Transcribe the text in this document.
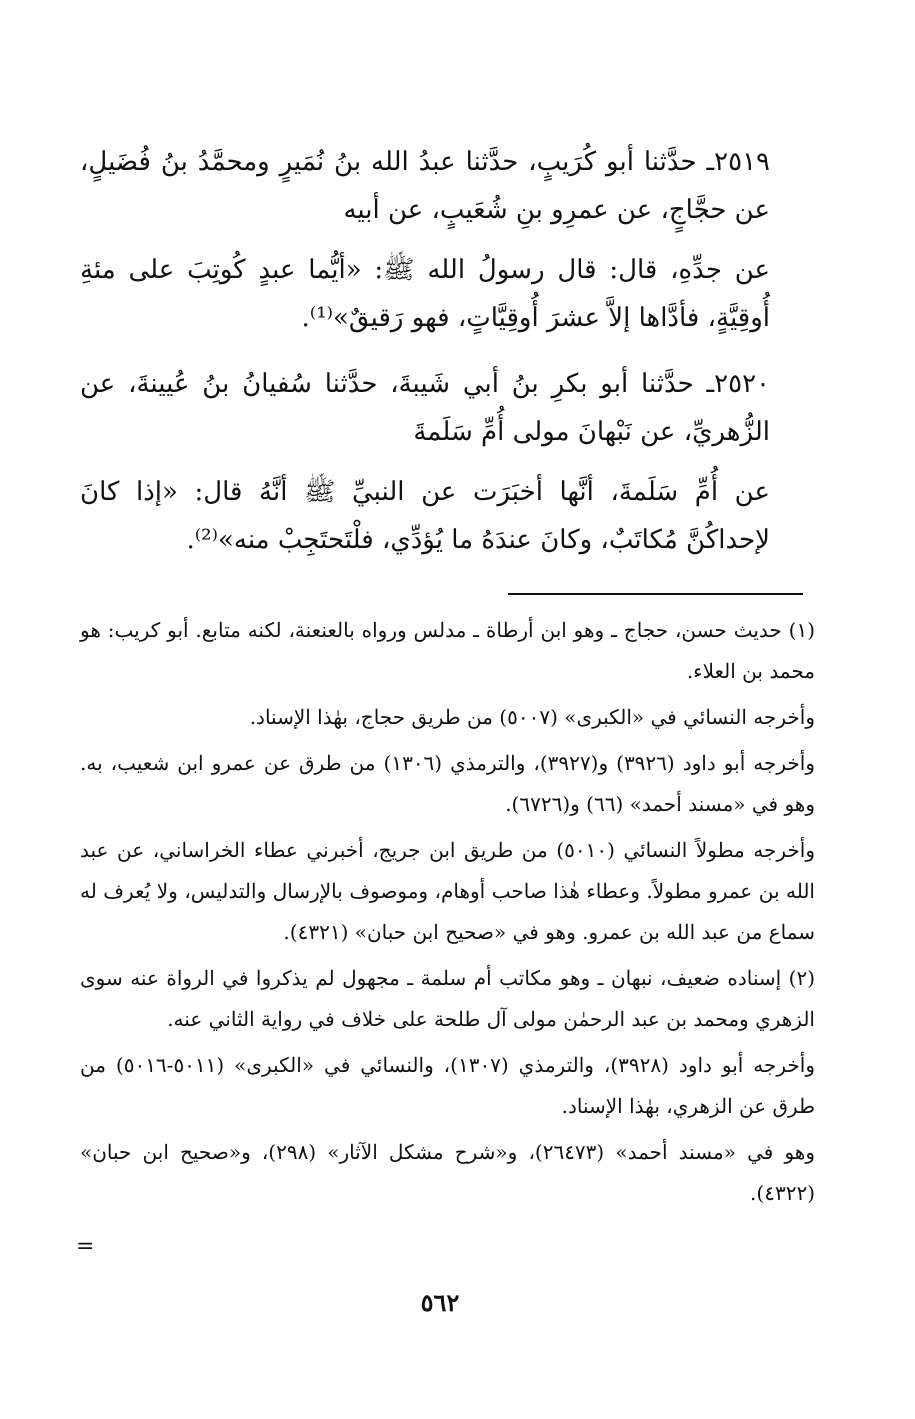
٢٥١٩ـ حدَّثنا أبو كُرَيبٍ، حدَّثنا عبدُ الله بنُ نُمَيرٍ ومحمَّدُ بنُ فُضَيلٍ، عن حجَّاجٍ، عن عمرِو بنِ شُعَيبٍ، عن أبيه

عن جدِّهِ، قال: قال رسولُ الله ﷺ: «أيُّما عبدٍ كُوتِبَ على مئةِ أُوقِيَّةٍ، فأدَّاها إلاَّ عشرَ أُوقِيَّاتٍ، فهو رَقيقٌ»⁽¹⁾.

٢٥٢٠ـ حدَّثنا أبو بكرِ بنُ أبي شَيبةَ، حدَّثنا سُفيانُ بنُ عُيينةَ، عن الزُّهريِّ، عن نَبْهانَ مولى أُمِّ سَلَمةَ

عن أُمِّ سَلَمةَ، أنَّها أخبَرَت عن النبيِّ ﷺ أنَّهُ قال: «إذا كانَ لإحداكُنَّ مُكاتَبٌ، وكانَ عندَهُ ما يُؤدِّي، فلْتَحتَجِبْ منه»⁽²⁾.

(١) حديث حسن، حجاج ـ وهو ابن أرطاة ـ مدلس ورواه بالعنعنة، لكنه متابع. أبو كريب: هو محمد بن العلاء.

وأخرجه النسائي في «الكبرى» (٥٠٠٧) من طريق حجاج، بهٰذا الإسناد.

وأخرجه أبو داود (٣٩٢٦) و(٣٩٢٧)، والترمذي (١٣٠٦) من طرق عن عمرو ابن شعيب، به. وهو في «مسند أحمد» (٦٦) و(٦٧٢٦).

وأخرجه مطولاً النسائي (٥٠١٠) من طريق ابن جريج، أخبرني عطاء الخراساني، عن عبد الله بن عمرو مطولاً. وعطاء هٰذا صاحب أوهام، وموصوف بالإرسال والتدليس، ولا يُعرف له سماع من عبد الله بن عمرو. وهو في «صحيح ابن حبان» (٤٣٢١).

(٢) إسناده ضعيف، نبهان ـ وهو مكاتب أم سلمة ـ مجهول لم يذكروا في الرواة عنه سوى الزهري ومحمد بن عبد الرحمٰن مولى آل طلحة على خلاف في رواية الثاني عنه.

وأخرجه أبو داود (٣٩٢٨)، والترمذي (١٣٠٧)، والنسائي في «الكبرى» (٥٠١١-٥٠١٦) من طرق عن الزهري، بهٰذا الإسناد.

وهو في «مسند أحمد» (٢٦٤٧٣)، و«شرح مشكل الآثار» (٢٩٨)، و«صحيح ابن حبان» (٤٣٢٢).

=
٥٦٢
